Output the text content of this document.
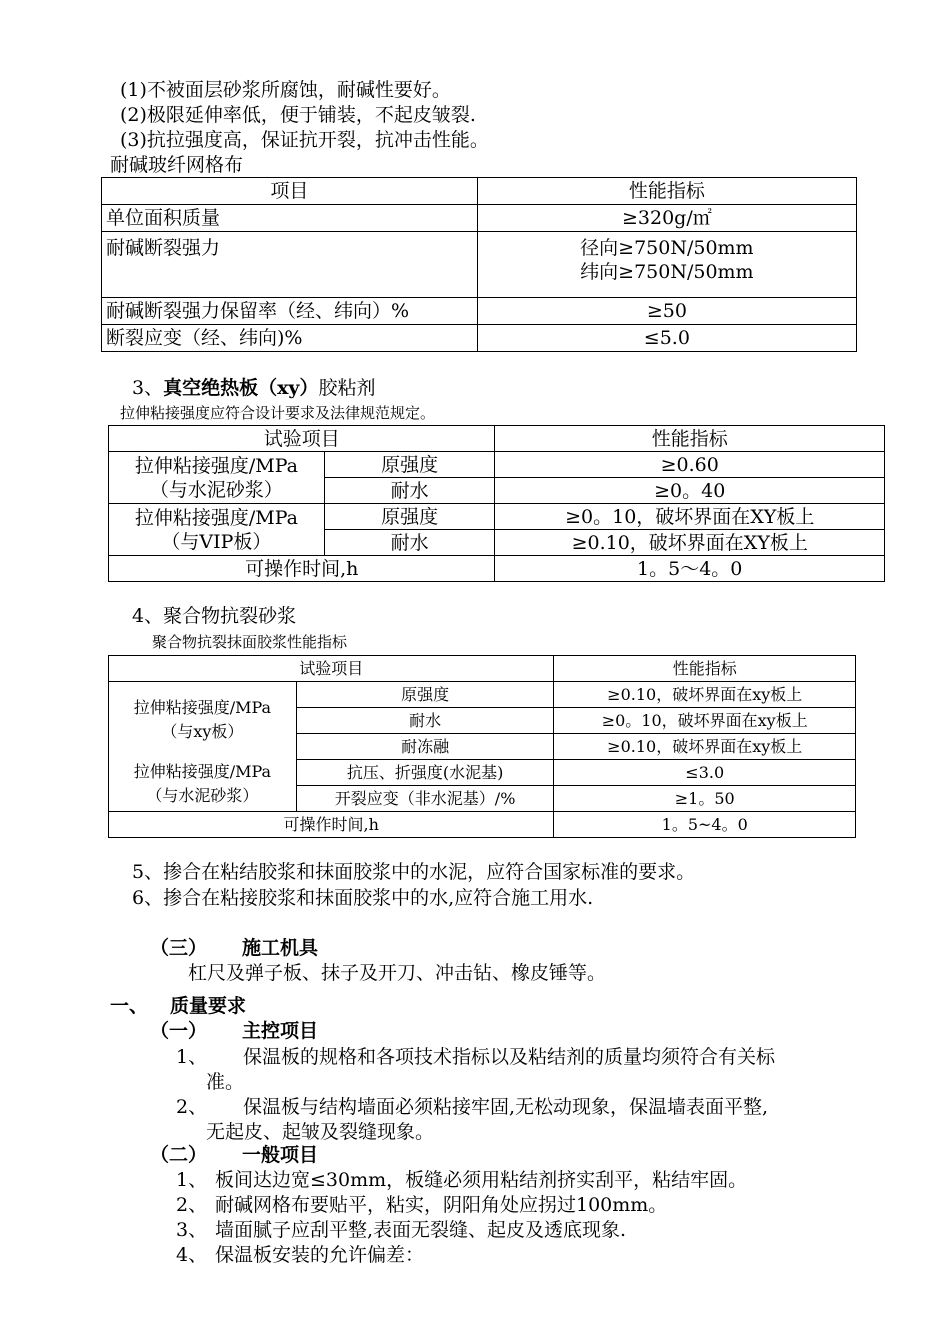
(1)不被面层砂浆所腐蚀，耐碱性要好。
(2)极限延伸率低，便于铺装，不起皮皱裂.
(3)抗拉强度高，保证抗开裂，抗冲击性能。
耐碱玻纤网格布
项目	性能指标
单位面积质量	≥320g/㎡
耐碱断裂强力	径向≥750N/50mm
纬向≥750N/50mm

耐碱断裂强力保留率（经、纬向）%	≥50
断裂应变（经、纬向)%	≤5.0
3、真空绝热板（xy）胶粘剂
拉伸粘接强度应符合设计要求及法律规范规定。
试验项目		性能指标

拉伸粘接强度/MPa
（与水泥砂浆）	原强度	≥0.60
	耐水	≥0。40

拉伸粘接强度/MPa
（与VIP板）	原强度	≥0。10，破坏界面在XY板上
	耐水	≥0.10，破坏界面在XY板上
可操作时间,h		1。5～4。0
4、聚合物抗裂砂浆
聚合物抗裂抹面胶浆性能指标
试验项目		性能指标

拉伸粘接强度/MPa
（与xy板）	原强度	≥0.10，破坏界面在xy板上
	耐水	≥0。10，破坏界面在xy板上
	耐冻融	≥0.10，破坏界面在xy板上

拉伸粘接强度/MPa
（与水泥砂浆）	抗压、折强度(水泥基)	≤3.0
	开裂应变（非水泥基）/%	≥1。50
可操作时间,h		1。5~4。0
5、掺合在粘结胶浆和抹面胶浆中的水泥，应符合国家标准的要求。
6、掺合在粘接胶浆和抹面胶浆中的水,应符合施工用水.
（三） 施工机具
杠尺及弹子板、抹子及开刀、冲击钻、橡皮锤等。
一、 质量要求
（一） 主控项目
1、 保温板的规格和各项技术指标以及粘结剂的质量均须符合有关标
准。
2、 保温板与结构墙面必须粘接牢固,无松动现象，保温墙表面平整,
无起皮、起皱及裂缝现象。
（二） 一般项目
1、 板间达边宽≤30mm，板缝必须用粘结剂挤实刮平，粘结牢固。
2、 耐碱网格布要贴平，粘实，阴阳角处应拐过100mm。
3、 墙面腻子应刮平整,表面无裂缝、起皮及透底现象.
4、 保温板安装的允许偏差：
